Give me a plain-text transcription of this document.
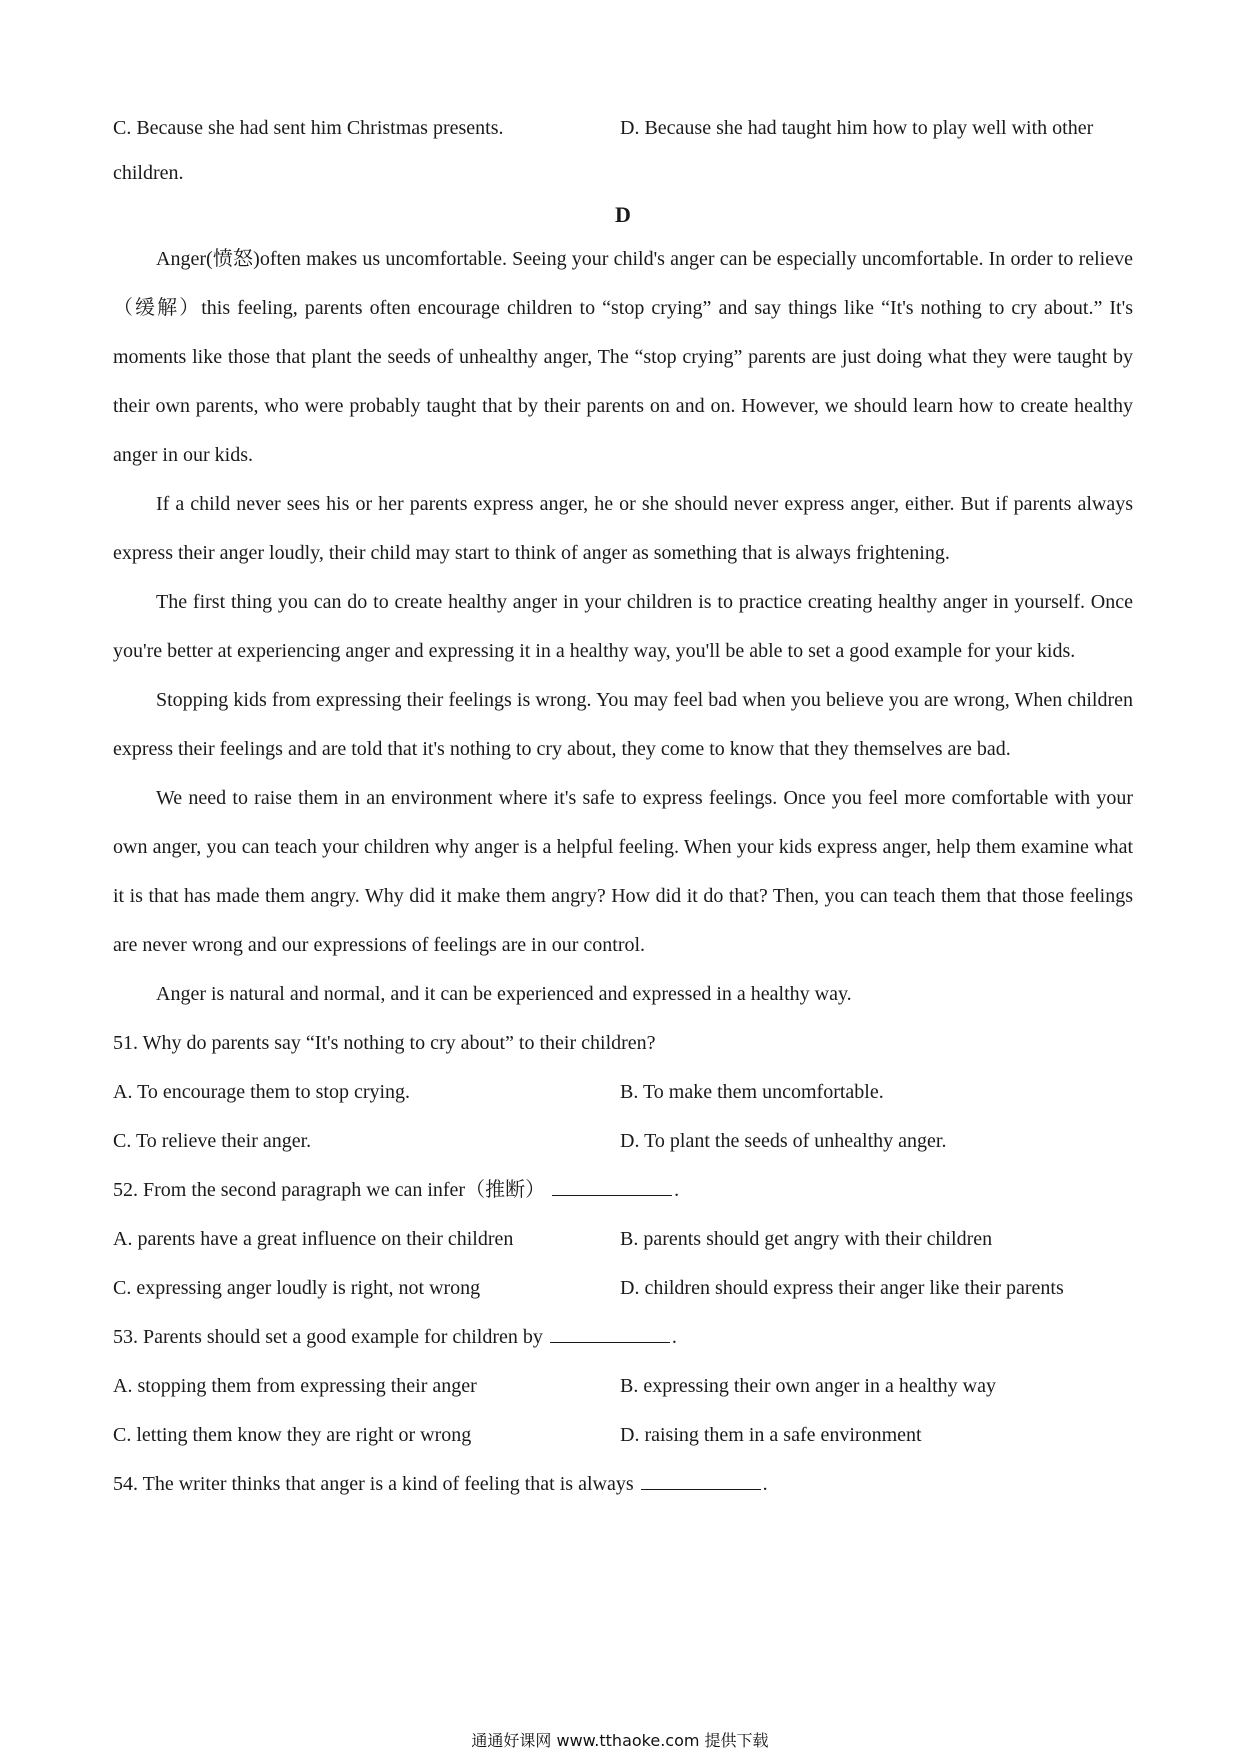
C. Because she had sent him Christmas presents.	D. Because she had taught him how to play well with other
children.
D

Anger(愤怒)often makes us uncomfortable. Seeing your child's anger can be especially uncomfortable. In order to relieve（缓解）this feeling, parents often encourage children to “stop crying” and say things like “It's nothing to cry about.” It's moments like those that plant the seeds of unhealthy anger, The “stop crying” parents are just doing what they were taught by their own parents, who were probably taught that by their parents on and on. However, we should learn how to create healthy anger in our kids.

If a child never sees his or her parents express anger, he or she should never express anger, either. But if parents always express their anger loudly, their child may start to think of anger as something that is always frightening.

The first thing you can do to create healthy anger in your children is to practice creating healthy anger in yourself. Once you're better at experiencing anger and expressing it in a healthy way, you'll be able to set a good example for your kids.

Stopping kids from expressing their feelings is wrong. You may feel bad when you believe you are wrong, When children express their feelings and are told that it's nothing to cry about, they come to know that they themselves are bad.

We need to raise them in an environment where it's safe to express feelings. Once you feel more comfortable with your own anger, you can teach your children why anger is a helpful feeling. When your kids express anger, help them examine what it is that has made them angry. Why did it make them angry? How did it do that? Then, you can teach them that those feelings are never wrong and our expressions of feelings are in our control.

Anger is natural and normal, and it can be experienced and expressed in a healthy way.

51. Why do parents say “It's nothing to cry about” to their children?
A. To encourage them to stop crying.	B. To make them uncomfortable.
C. To relieve their anger.	D. To plant the seeds of unhealthy anger.
52. From the second paragraph we can infer（推断）	.
A. parents have a great influence on their children	B. parents should get angry with their children
C. expressing anger loudly is right, not wrong	D. children should express their anger like their parents
53. Parents should set a good example for children by	.
A. stopping them from expressing their anger	B. expressing their own anger in a healthy way
C. letting them know they are right or wrong	D. raising them in a safe environment
54. The writer thinks that anger is a kind of feeling that is always	.
通通好课网 www.tthaoke.com 提供下载
